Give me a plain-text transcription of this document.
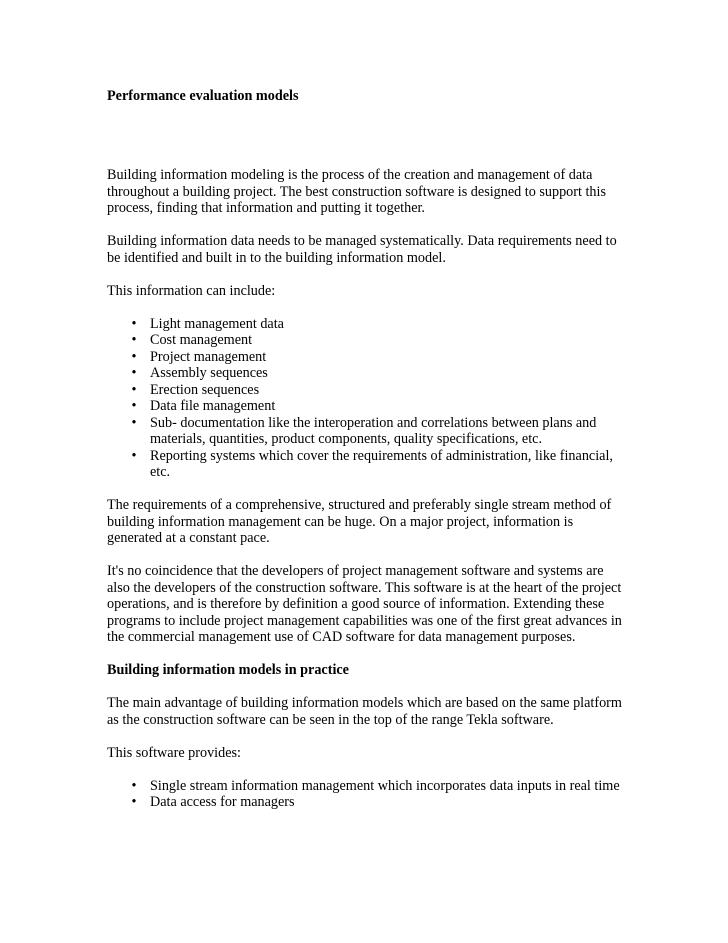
Performance evaluation models

Building information modeling is the process of the creation and management of data throughout a building project. The best construction software is designed to support this process, finding that information and putting it together.

Building information data needs to be managed systematically. Data requirements need to be identified and built in to the building information model.

This information can include:

• Light management data
• Cost management
• Project management
• Assembly sequences
• Erection sequences
• Data file management
• Sub- documentation like the interoperation and correlations between plans and materials, quantities, product components, quality specifications, etc.
• Reporting systems which cover the requirements of administration, like financial, etc.

The requirements of a comprehensive, structured and preferably single stream method of building information management can be huge. On a major project, information is generated at a constant pace.

It's no coincidence that the developers of project management software and systems are also the developers of the construction software. This software is at the heart of the project operations, and is therefore by definition a good source of information. Extending these programs to include project management capabilities was one of the first great advances in the commercial management use of CAD software for data management purposes.

Building information models in practice

The main advantage of building information models which are based on the same platform as the construction software can be seen in the top of the range Tekla software.

This software provides:

• Single stream information management which incorporates data inputs in real time
• Data access for managers
